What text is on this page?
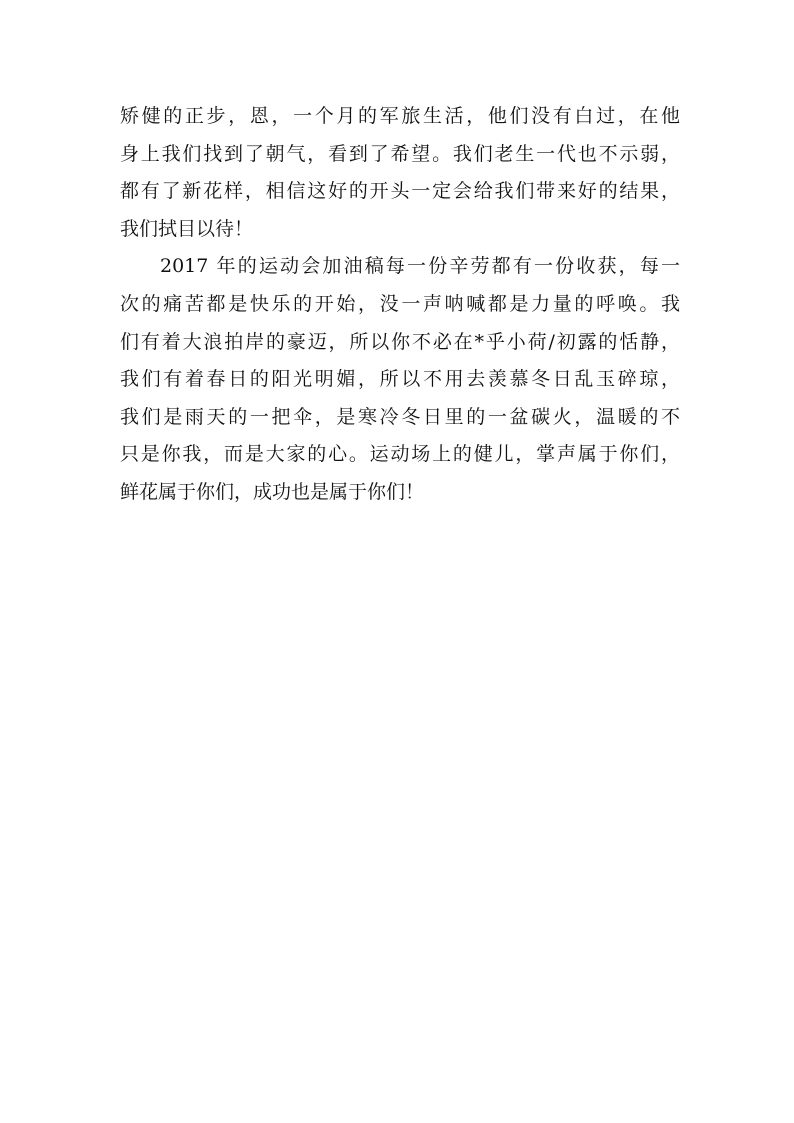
矫健的正步，恩，一个月的军旅生活，他们没有白过，在他
身上我们找到了朝气，看到了希望。我们老生一代也不示弱，
都有了新花样，相信这好的开头一定会给我们带来好的结果，
我们拭目以待！
2017 年的运动会加油稿每一份辛劳都有一份收获，每一
次的痛苦都是快乐的开始，没一声呐喊都是力量的呼唤。我
们有着大浪拍岸的豪迈，所以你不必在*乎小荷/初露的恬静，
我们有着春日的阳光明媚，所以不用去羡慕冬日乱玉碎琼，
我们是雨天的一把伞，是寒冷冬日里的一盆碳火，温暖的不
只是你我，而是大家的心。运动场上的健儿，掌声属于你们，
鲜花属于你们，成功也是属于你们！
